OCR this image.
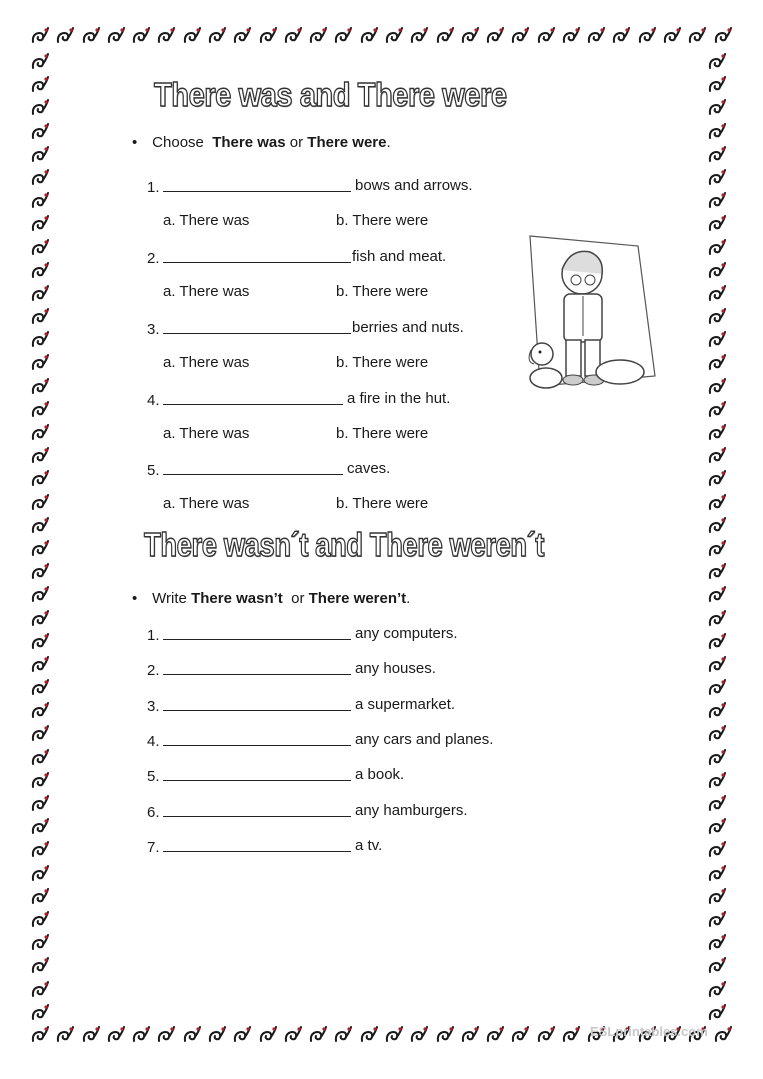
There was and There were
• Choose There was or There were.
1.	bows and arrows.
a. There was	b. There were
2.	fish and meat.
a. There was	b. There were
3.	berries and nuts.
a. There was	b. There were
4.	a fire in the hut.
a. There was	b. There were
5.	caves.
a. There was	b. There were
There wasn´t and There weren´t
• Write There wasn’t or There weren’t.
1.	any computers.
2.	any houses.
3.	a supermarket.
4.	any cars and planes.
5.	a book.
6.	any hamburgers.
7.	a tv.
ESLprintables.com
